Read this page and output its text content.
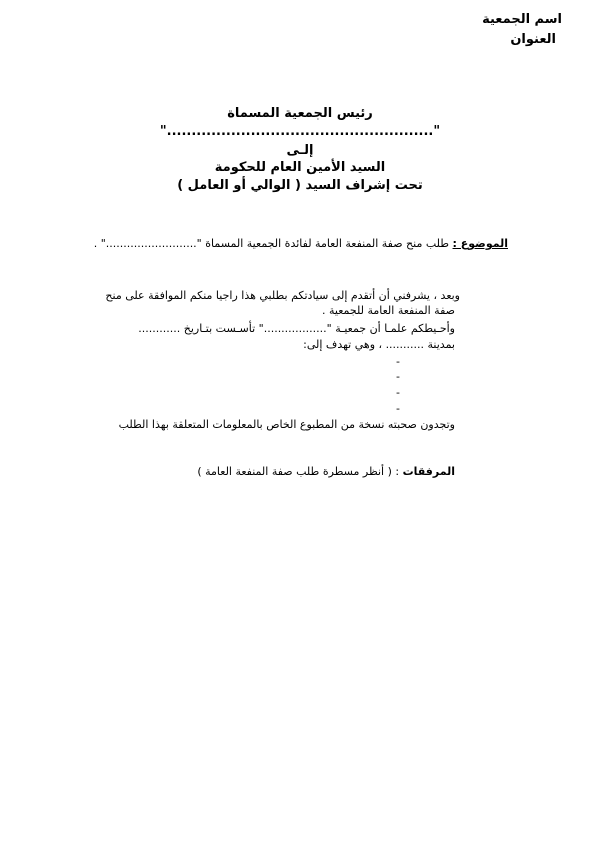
اسم الجمعية
العنوان
رئيس الجمعية المسماة
"......................................................"
إلـى
السيد الأمين العام للحكومة
تحت إشراف السيد ( الوالي أو العامل )
الموضوع : طلب منح صفة المنفعة العامة لفائدة الجمعية المسماة ".........................." .
وبعد ، يشرفني أن أتقدم إلى سيادتكم بطلبي هذا راجيا منكم الموافقة على منح
صفة المنفعة العامة للجمعية .
وأحـيطكم علمـا أن جمعيـة ".................." تأسـست بتـاريخ ............
بمدينة ........... ، وهي تهدف إلى:
-
-
-
-
وتجدون صحبته نسخة من المطبوع الخاص بالمعلومات المتعلقة بهذا الطلب
المرفقات : ( أنظر مسطرة طلب صفة المنفعة العامة )
